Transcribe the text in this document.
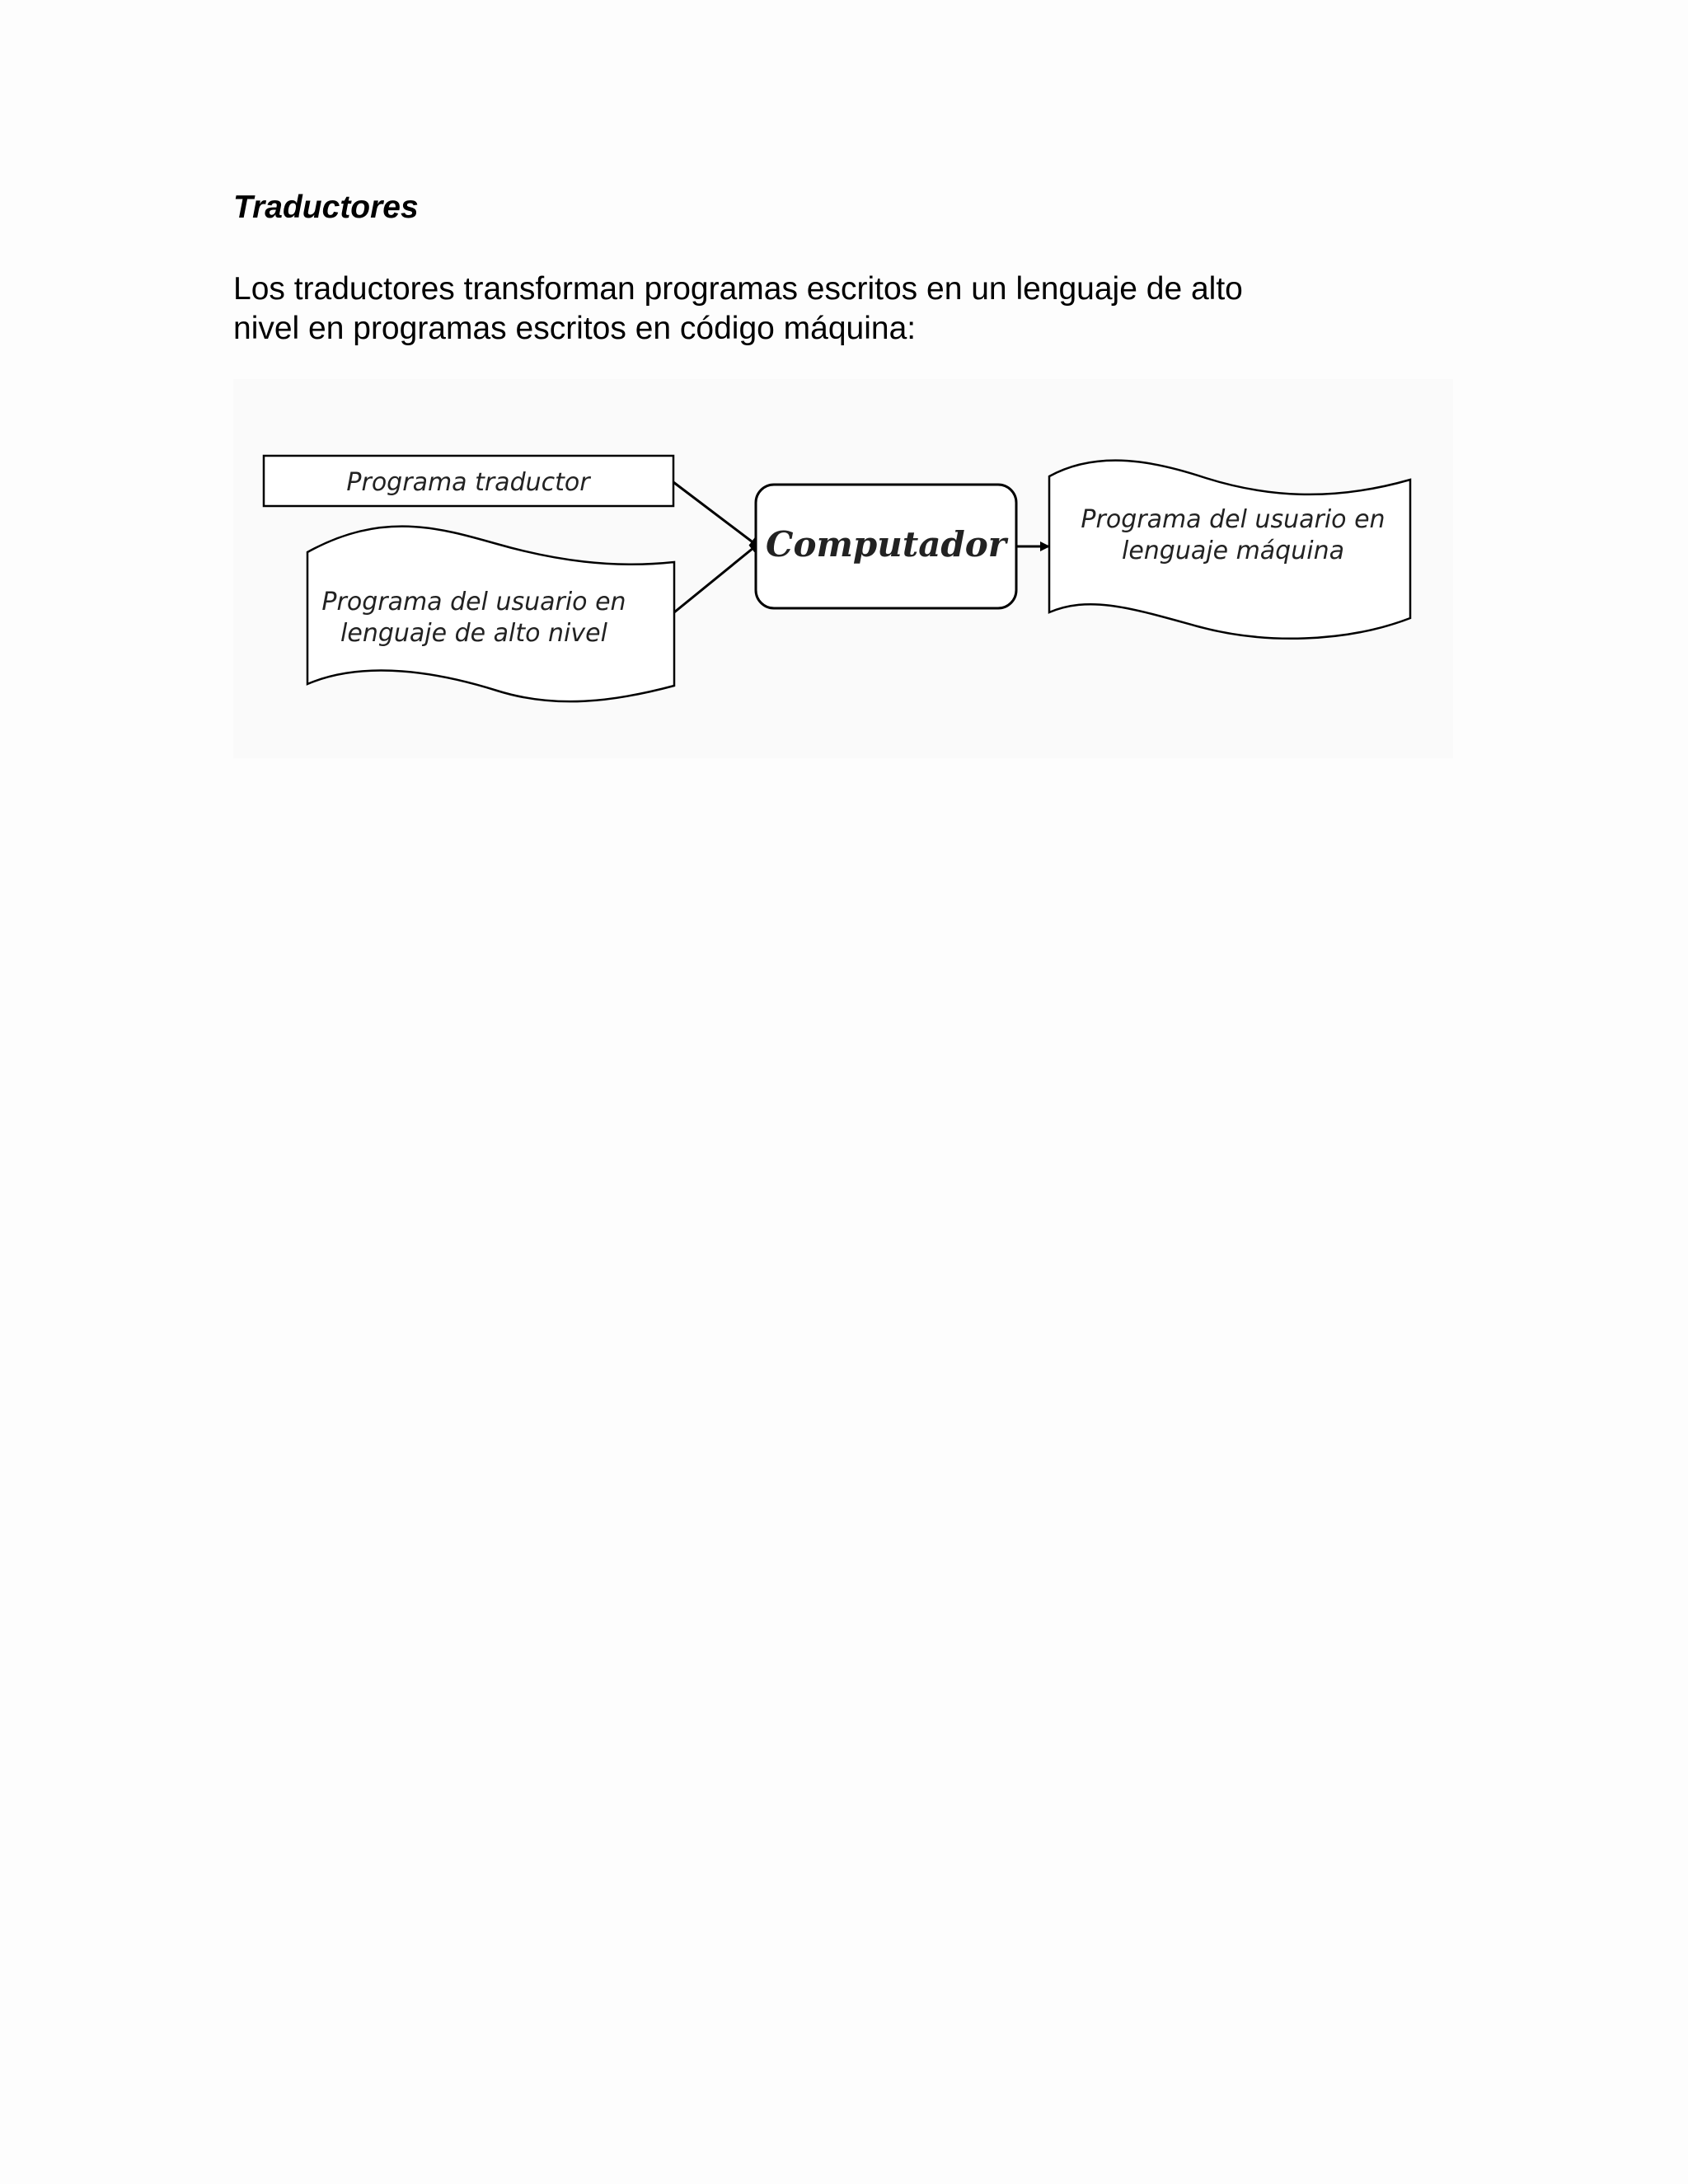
Traductores
Los traductores transforman programas escritos en un lenguaje de alto
nivel en programas escritos en código máquina:
Programa traductor
Programa del usuario en
lenguaje de alto nivel
Computador
Programa del usuario en
lenguaje máquina
